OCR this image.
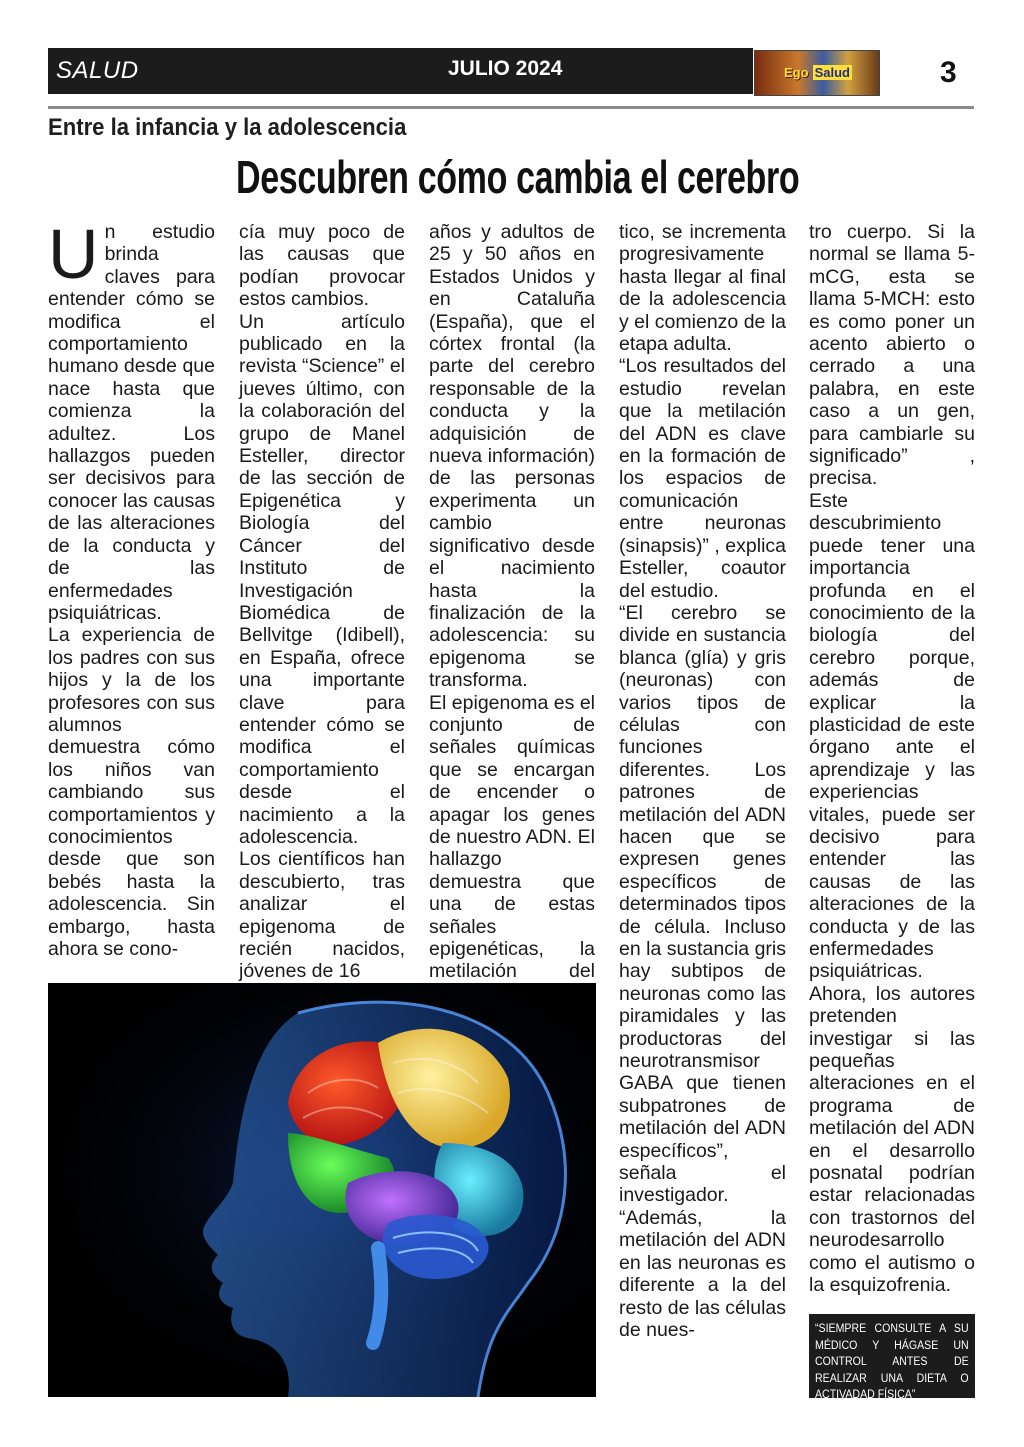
SALUD	JULIO 2024	Ego Salud	3
Entre la infancia y la adolescencia
Descubren cómo cambia el cerebro
U n estudio brinda claves para entender cómo se modifica el comportamiento humano desde que nace hasta que comienza la adultez. Los hallazgos pueden ser decisivos para conocer las causas de las alteraciones de la conducta y de las enfermedades psiquiátricas.

La experiencia de los padres con sus hijos y la de los profesores con sus alumnos demuestra cómo los niños van cambiando sus comportamientos y conocimientos desde que son bebés hasta la adolescencia. Sin embargo, hasta ahora se cono-

cía muy poco de las causas que podían provocar estos cambios.

Un artículo publicado en la revista “Science” el jueves último, con la colaboración del grupo de Manel Esteller, director de las sección de Epigenética y Biología del Cáncer del Instituto de Investigación Biomédica de Bellvitge (Idibell), en España, ofrece una importante clave para entender cómo se modifica el comportamiento desde el nacimiento a la adolescencia.

Los científicos han descubierto, tras analizar el epigenoma de recién nacidos, jóvenes de 16

años y adultos de 25 y 50 años en Estados Unidos y en Cataluña (España), que el córtex frontal (la parte del cerebro responsable de la conducta y la adquisición de nueva información) de las personas experimenta un cambio significativo desde el nacimiento hasta la finalización de la adolescencia: su epigenoma se transforma.

El epigenoma es el conjunto de señales químicas que se encargan de encender o apagar los genes de nuestro ADN. El hallazgo demuestra que una de estas señales epigenéticas, la metilación del

tico, se incrementa progresivamente hasta llegar al final de la adolescencia y el comienzo de la etapa adulta.

“Los resultados del estudio revelan que la metilación del ADN es clave en la formación de los espacios de comunicación entre neuronas (sinapsis)” , explica Esteller, coautor del estudio.

“El cerebro se divide en sustancia blanca (glía) y gris (neuronas) con varios tipos de células con funciones diferentes. Los patrones de metilación del ADN hacen que se expresen genes específicos de determinados tipos de célula. Incluso en la sustancia gris hay subtipos de neuronas como las piramidales y las productoras del neurotransmisor GABA que tienen subpatrones de metilación del ADN específicos”, señala el investigador.

“Además, la metilación del ADN en las neuronas es diferente a la del resto de las células de nues-

tro cuerpo. Si la normal se llama 5-mCG, esta se llama 5-MCH: esto es como poner un acento abierto o cerrado a una palabra, en este caso a un gen, para cambiarle su significado” , precisa.

Este descubrimiento puede tener una importancia profunda en el conocimiento de la biología del cerebro porque, además de explicar la plasticidad de este órgano ante el aprendizaje y las experiencias vitales, puede ser decisivo para entender las causas de las alteraciones de la conducta y de las enfermedades psiquiátricas.

Ahora, los autores pretenden investigar si las pequeñas alteraciones en el programa de metilación del ADN en el desarrollo posnatal podrían estar relacionadas con trastornos del neurodesarrollo como el autismo o la esquizofrenia.

“SIEMPRE CONSULTE A SU MÉDICO Y HÁGASE UN CONTROL ANTES DE REALIZAR UNA DIETA O ACTIVADAD FÍSICA”
